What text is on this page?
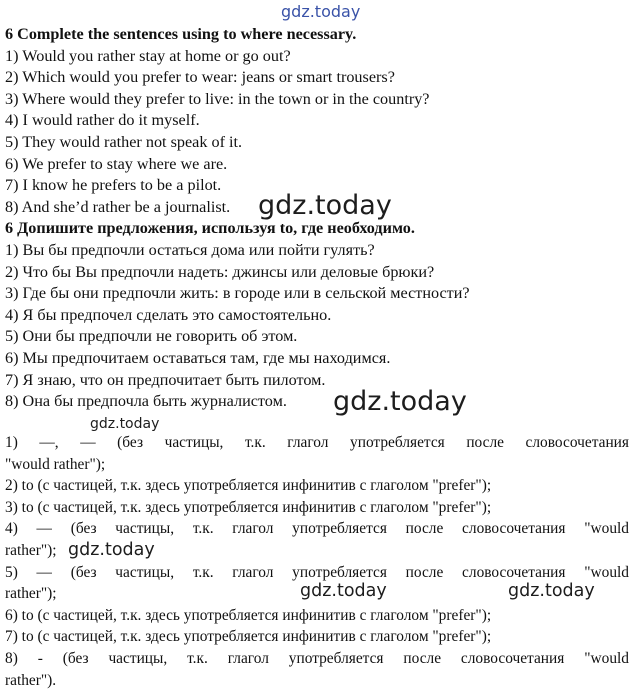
gdz.today
6 Complete the sentences using to where necessary.
1) Would you rather stay at home or go out?
2) Which would you prefer to wear: jeans or smart trousers?
3) Where would they prefer to live: in the town or in the country?
4) I would rather do it myself.
5) They would rather not speak of it.
6) We prefer to stay where we are.
7) I know he prefers to be a pilot.
8) And she’d rather be a journalist.
6 Допишите предложения, используя to, где необходимо.
1) Вы бы предпочли остаться дома или пойти гулять?
2) Что бы Вы предпочли надеть: джинсы или деловые брюки?
3) Где бы они предпочли жить: в городе или в сельской местности?
4) Я бы предпочел сделать это самостоятельно.
5) Они бы предпочли не говорить об этом.
6) Мы предпочитаем оставаться там, где мы находимся.
7) Я знаю, что он предпочитает быть пилотом.
8) Она бы предпочла быть журналистом.
1) —, — (без частицы, т.к. глагол употребляется после словосочетания
"would rather");
2) to (с частицей, т.к. здесь употребляется инфинитив с глаголом "prefer");
3) to (с частицей, т.к. здесь употребляется инфинитив с глаголом "prefer");
4) — (без частицы, т.к. глагол употребляется после словосочетания "would
rather");
5) — (без частицы, т.к. глагол употребляется после словосочетания "would
rather");
6) to (с частицей, т.к. здесь употребляется инфинитив с глаголом "prefer");
7) to (с частицей, т.к. здесь употребляется инфинитив с глаголом "prefer");
8) - (без частицы, т.к. глагол употребляется после словосочетания "would
rather").
gdz.today
gdz.today
gdz.today
gdz.today
gdz.today	gdz.today
